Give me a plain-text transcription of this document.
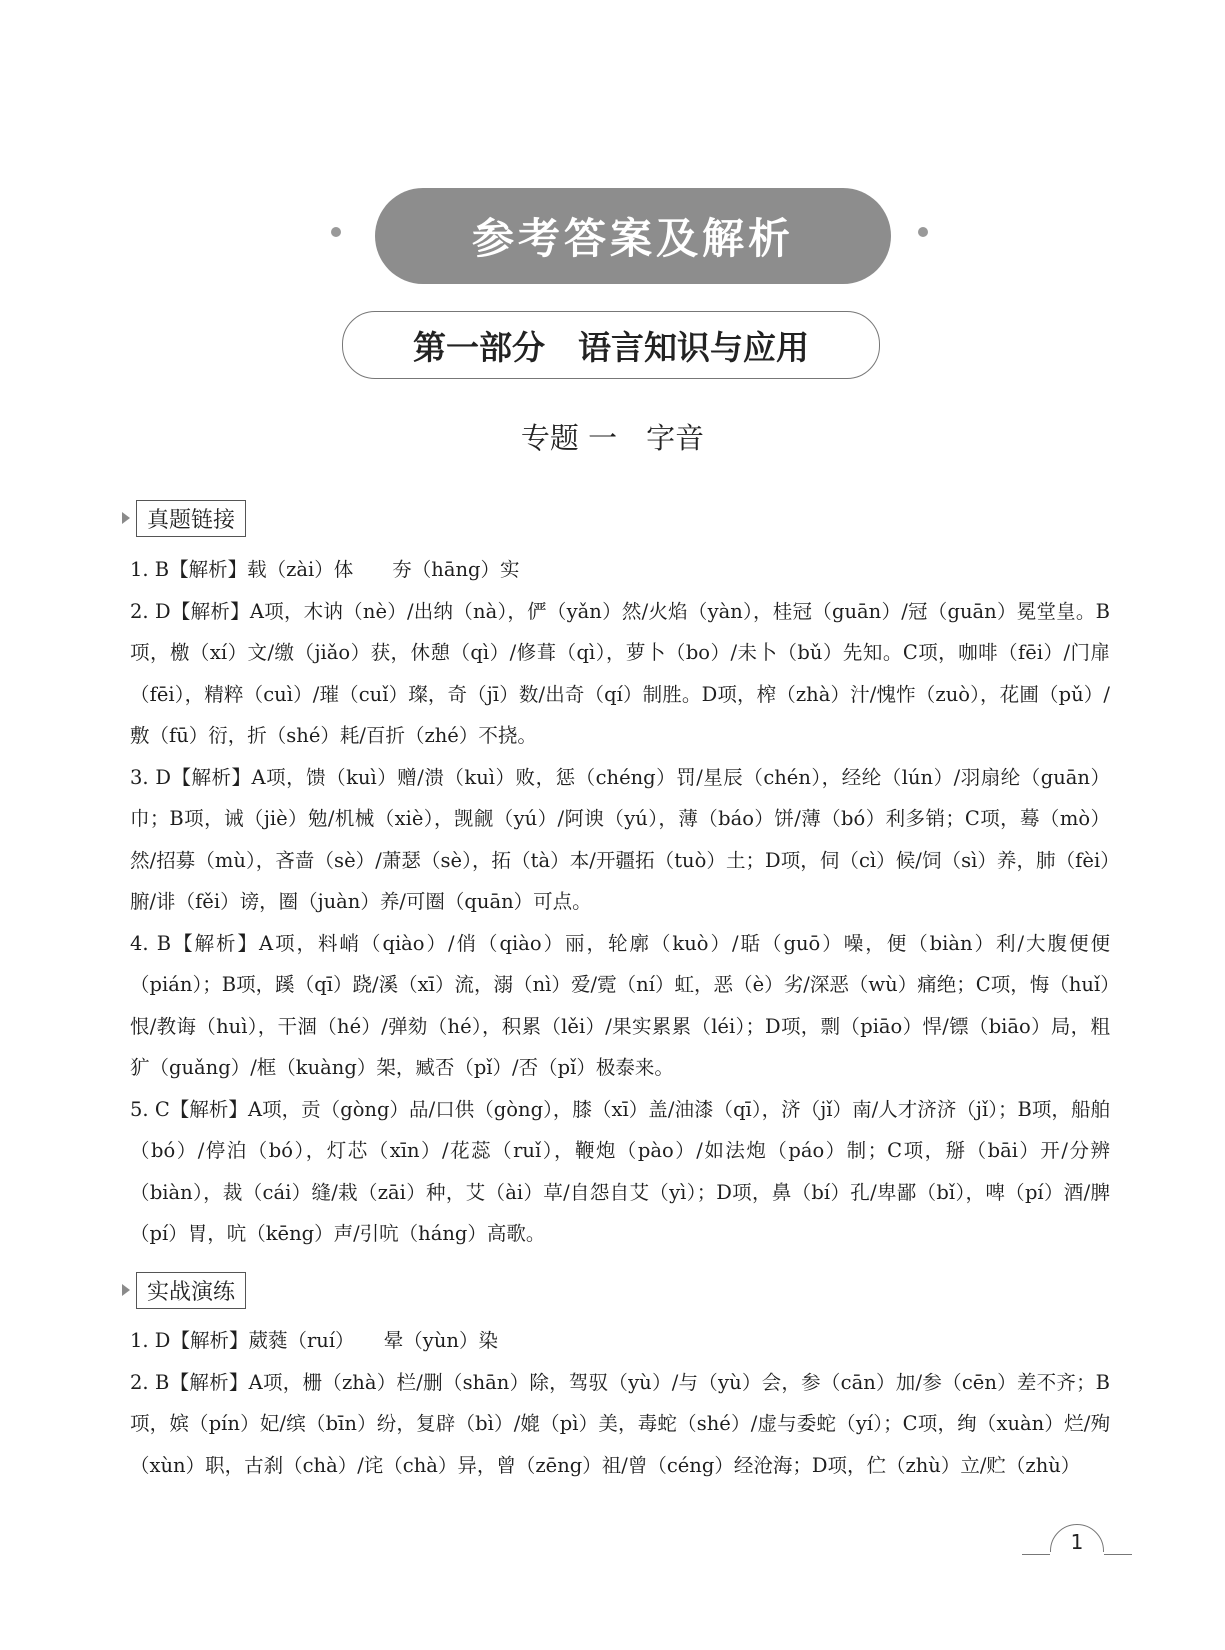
参考答案及解析
第一部分　语言知识与应用
专题 一　字音
真题链接

1. B【解析】载（zài）体　　夯（hāng）实

2. D【解析】A项，木讷（nè）/出纳（nà），俨（yǎn）然/火焰（yàn），桂冠（guān）/冠（guān）冕堂皇。B项，檄（xí）文/缴（jiǎo）获，休憩（qì）/修葺（qì），萝卜（bo）/未卜（bǔ）先知。C项，咖啡（fēi）/门扉（fēi），精粹（cuì）/璀（cuǐ）璨，奇（jī）数/出奇（qí）制胜。D项，榨（zhà）汁/愧怍（zuò），花圃（pǔ）/敷（fū）衍，折（shé）耗/百折（zhé）不挠。

3. D【解析】A项，馈（kuì）赠/溃（kuì）败，惩（chéng）罚/星辰（chén），经纶（lún）/羽扇纶（guān）巾；B项，诫（jiè）勉/机械（xiè），觊觎（yú）/阿谀（yú），薄（báo）饼/薄（bó）利多销；C项，蓦（mò）然/招募（mù），吝啬（sè）/萧瑟（sè），拓（tà）本/开疆拓（tuò）土；D项，伺（cì）候/饲（sì）养，肺（fèi）腑/诽（fěi）谤，圈（juàn）养/可圈（quān）可点。

4. B【解析】A项，料峭（qiào）/俏（qiào）丽，轮廓（kuò）/聒（guō）噪，便（biàn）利/大腹便便（pián）；B项，蹊（qī）跷/溪（xī）流，溺（nì）爱/霓（ní）虹，恶（è）劣/深恶（wù）痛绝；C项，悔（huǐ）恨/教诲（huì），干涸（hé）/弹劾（hé），积累（lěi）/果实累累（léi）；D项，剽（piāo）悍/镖（biāo）局，粗犷（guǎng）/框（kuàng）架，臧否（pǐ）/否（pǐ）极泰来。

5. C【解析】A项，贡（gòng）品/口供（gòng），膝（xī）盖/油漆（qī），济（jǐ）南/人才济济（jǐ）；B项，船舶（bó）/停泊（bó），灯芯（xīn）/花蕊（ruǐ），鞭炮（pào）/如法炮（páo）制；C项，掰（bāi）开/分辨（biàn），裁（cái）缝/栽（zāi）种，艾（ài）草/自怨自艾（yì）；D项，鼻（bí）孔/卑鄙（bǐ），啤（pí）酒/脾（pí）胃，吭（kēng）声/引吭（háng）高歌。

实战演练

1. D【解析】葳蕤（ruí）　　晕（yùn）染

2. B【解析】A项，栅（zhà）栏/删（shān）除，驾驭（yù）/与（yù）会，参（cān）加/参（cēn）差不齐；B项，嫔（pín）妃/缤（bīn）纷，复辟（bì）/媲（pì）美，毒蛇（shé）/虚与委蛇（yí）；C项，绚（xuàn）烂/殉（xùn）职，古刹（chà）/诧（chà）异，曾（zēng）祖/曾（céng）经沧海；D项，伫（zhù）立/贮（zhù）

1
